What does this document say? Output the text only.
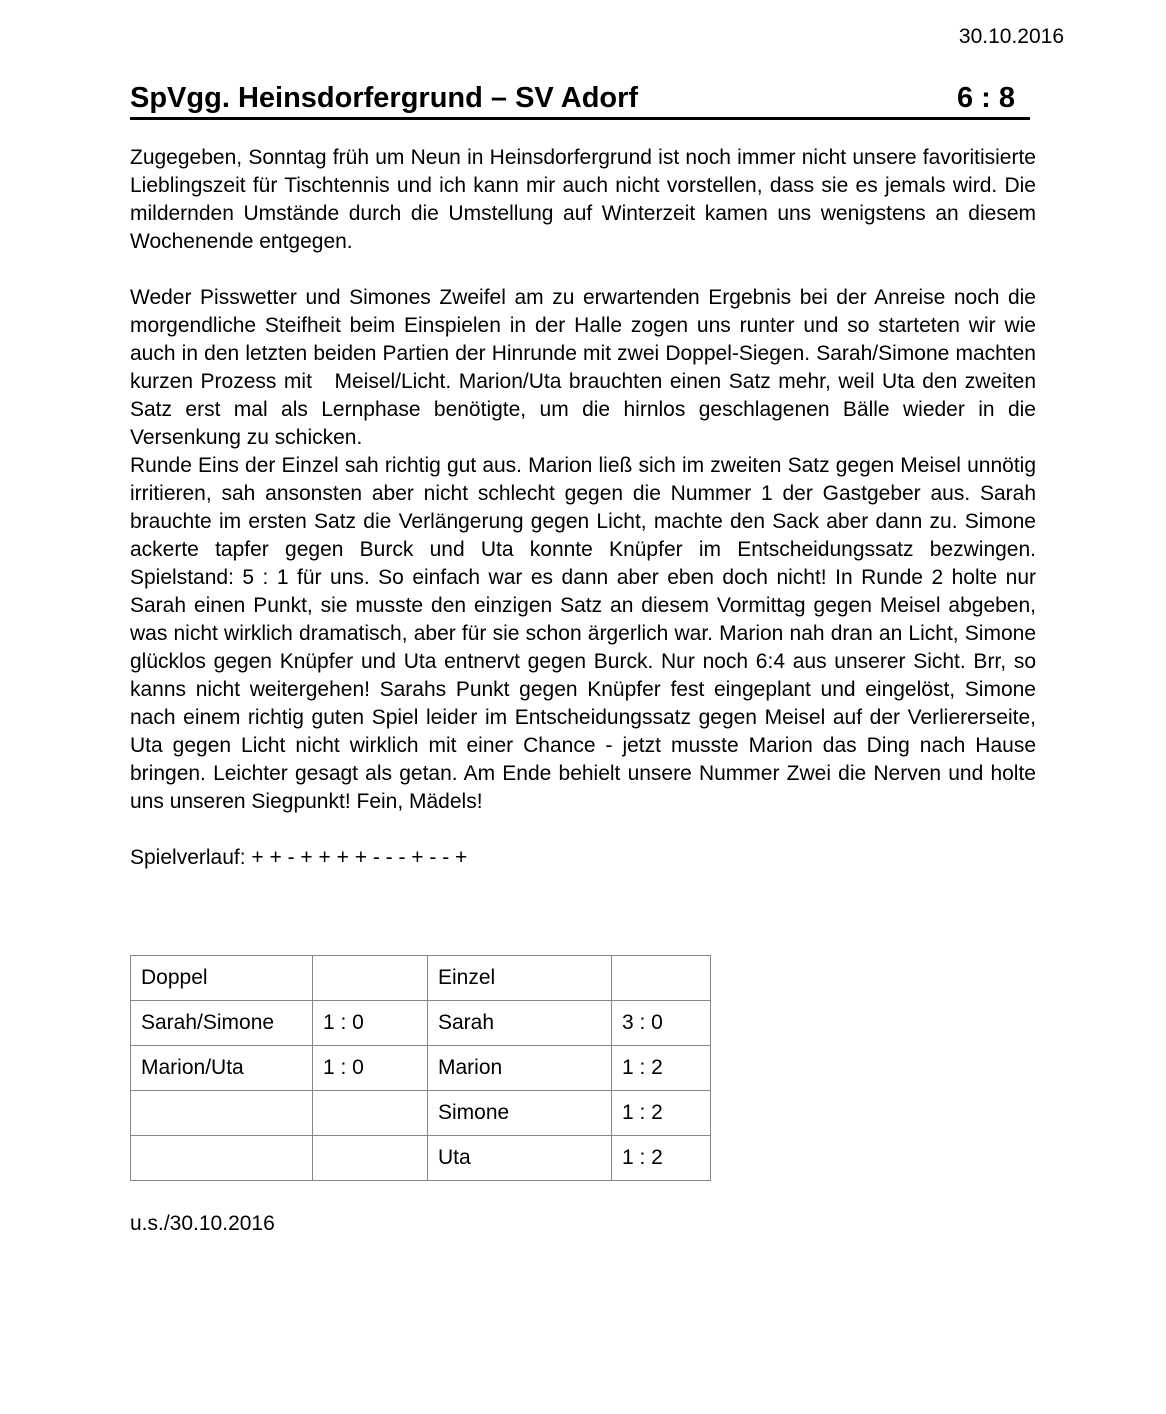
30.10.2016
SpVgg. Heinsdorfergrund – SV Adorf	6 : 8

Zugegeben, Sonntag früh um Neun in Heinsdorfergrund ist noch immer nicht unsere favoritisierte Lieblingszeit für Tischtennis und ich kann mir auch nicht vorstellen, dass sie es jemals wird. Die mildernden Umstände durch die Umstellung auf Winterzeit kamen uns wenigstens an diesem Wochenende entgegen.

Weder Pisswetter und Simones Zweifel am zu erwartenden Ergebnis bei der Anreise noch die morgendliche Steifheit beim Einspielen in der Halle zogen uns runter und so starteten wir wie auch in den letzten beiden Partien der Hinrunde mit zwei Doppel-Siegen. Sarah/Simone machten kurzen Prozess mit   Meisel/Licht. Marion/Uta brauchten einen Satz mehr, weil Uta den zweiten Satz erst mal als Lernphase benötigte, um die hirnlos geschlagenen Bälle wieder in die Versenkung zu schicken.

Runde Eins der Einzel sah richtig gut aus. Marion ließ sich im zweiten Satz gegen Meisel unnötig irritieren, sah ansonsten aber nicht schlecht gegen die Nummer 1 der Gastgeber aus. Sarah brauchte im ersten Satz die Verlängerung gegen Licht, machte den Sack aber dann zu. Simone ackerte tapfer gegen Burck und Uta konnte Knüpfer im Entscheidungssatz bezwingen. Spielstand: 5 : 1 für uns. So einfach war es dann aber eben doch nicht! In Runde 2 holte nur Sarah einen Punkt, sie musste den einzigen Satz an diesem Vormittag gegen Meisel abgeben, was nicht wirklich dramatisch, aber für sie schon ärgerlich war. Marion nah dran an Licht, Simone glücklos gegen Knüpfer und Uta entnervt gegen Burck. Nur noch 6:4 aus unserer Sicht. Brr, so kanns nicht weitergehen! Sarahs Punkt gegen Knüpfer fest eingeplant und eingelöst, Simone nach einem richtig guten Spiel leider im Entscheidungssatz gegen Meisel auf der Verliererseite, Uta gegen Licht nicht wirklich mit einer Chance - jetzt musste Marion das Ding nach Hause bringen. Leichter gesagt als getan. Am Ende behielt unsere Nummer Zwei die Nerven und holte uns unseren Siegpunkt! Fein, Mädels!

Spielverlauf: + + - + + + + - - - + - - +
Doppel		Einzel	
Sarah/Simone	1 : 0	Sarah	3 : 0
Marion/Uta	1 : 0	Marion	1 : 2
		Simone	1 : 2
		Uta	1 : 2
u.s./30.10.2016
